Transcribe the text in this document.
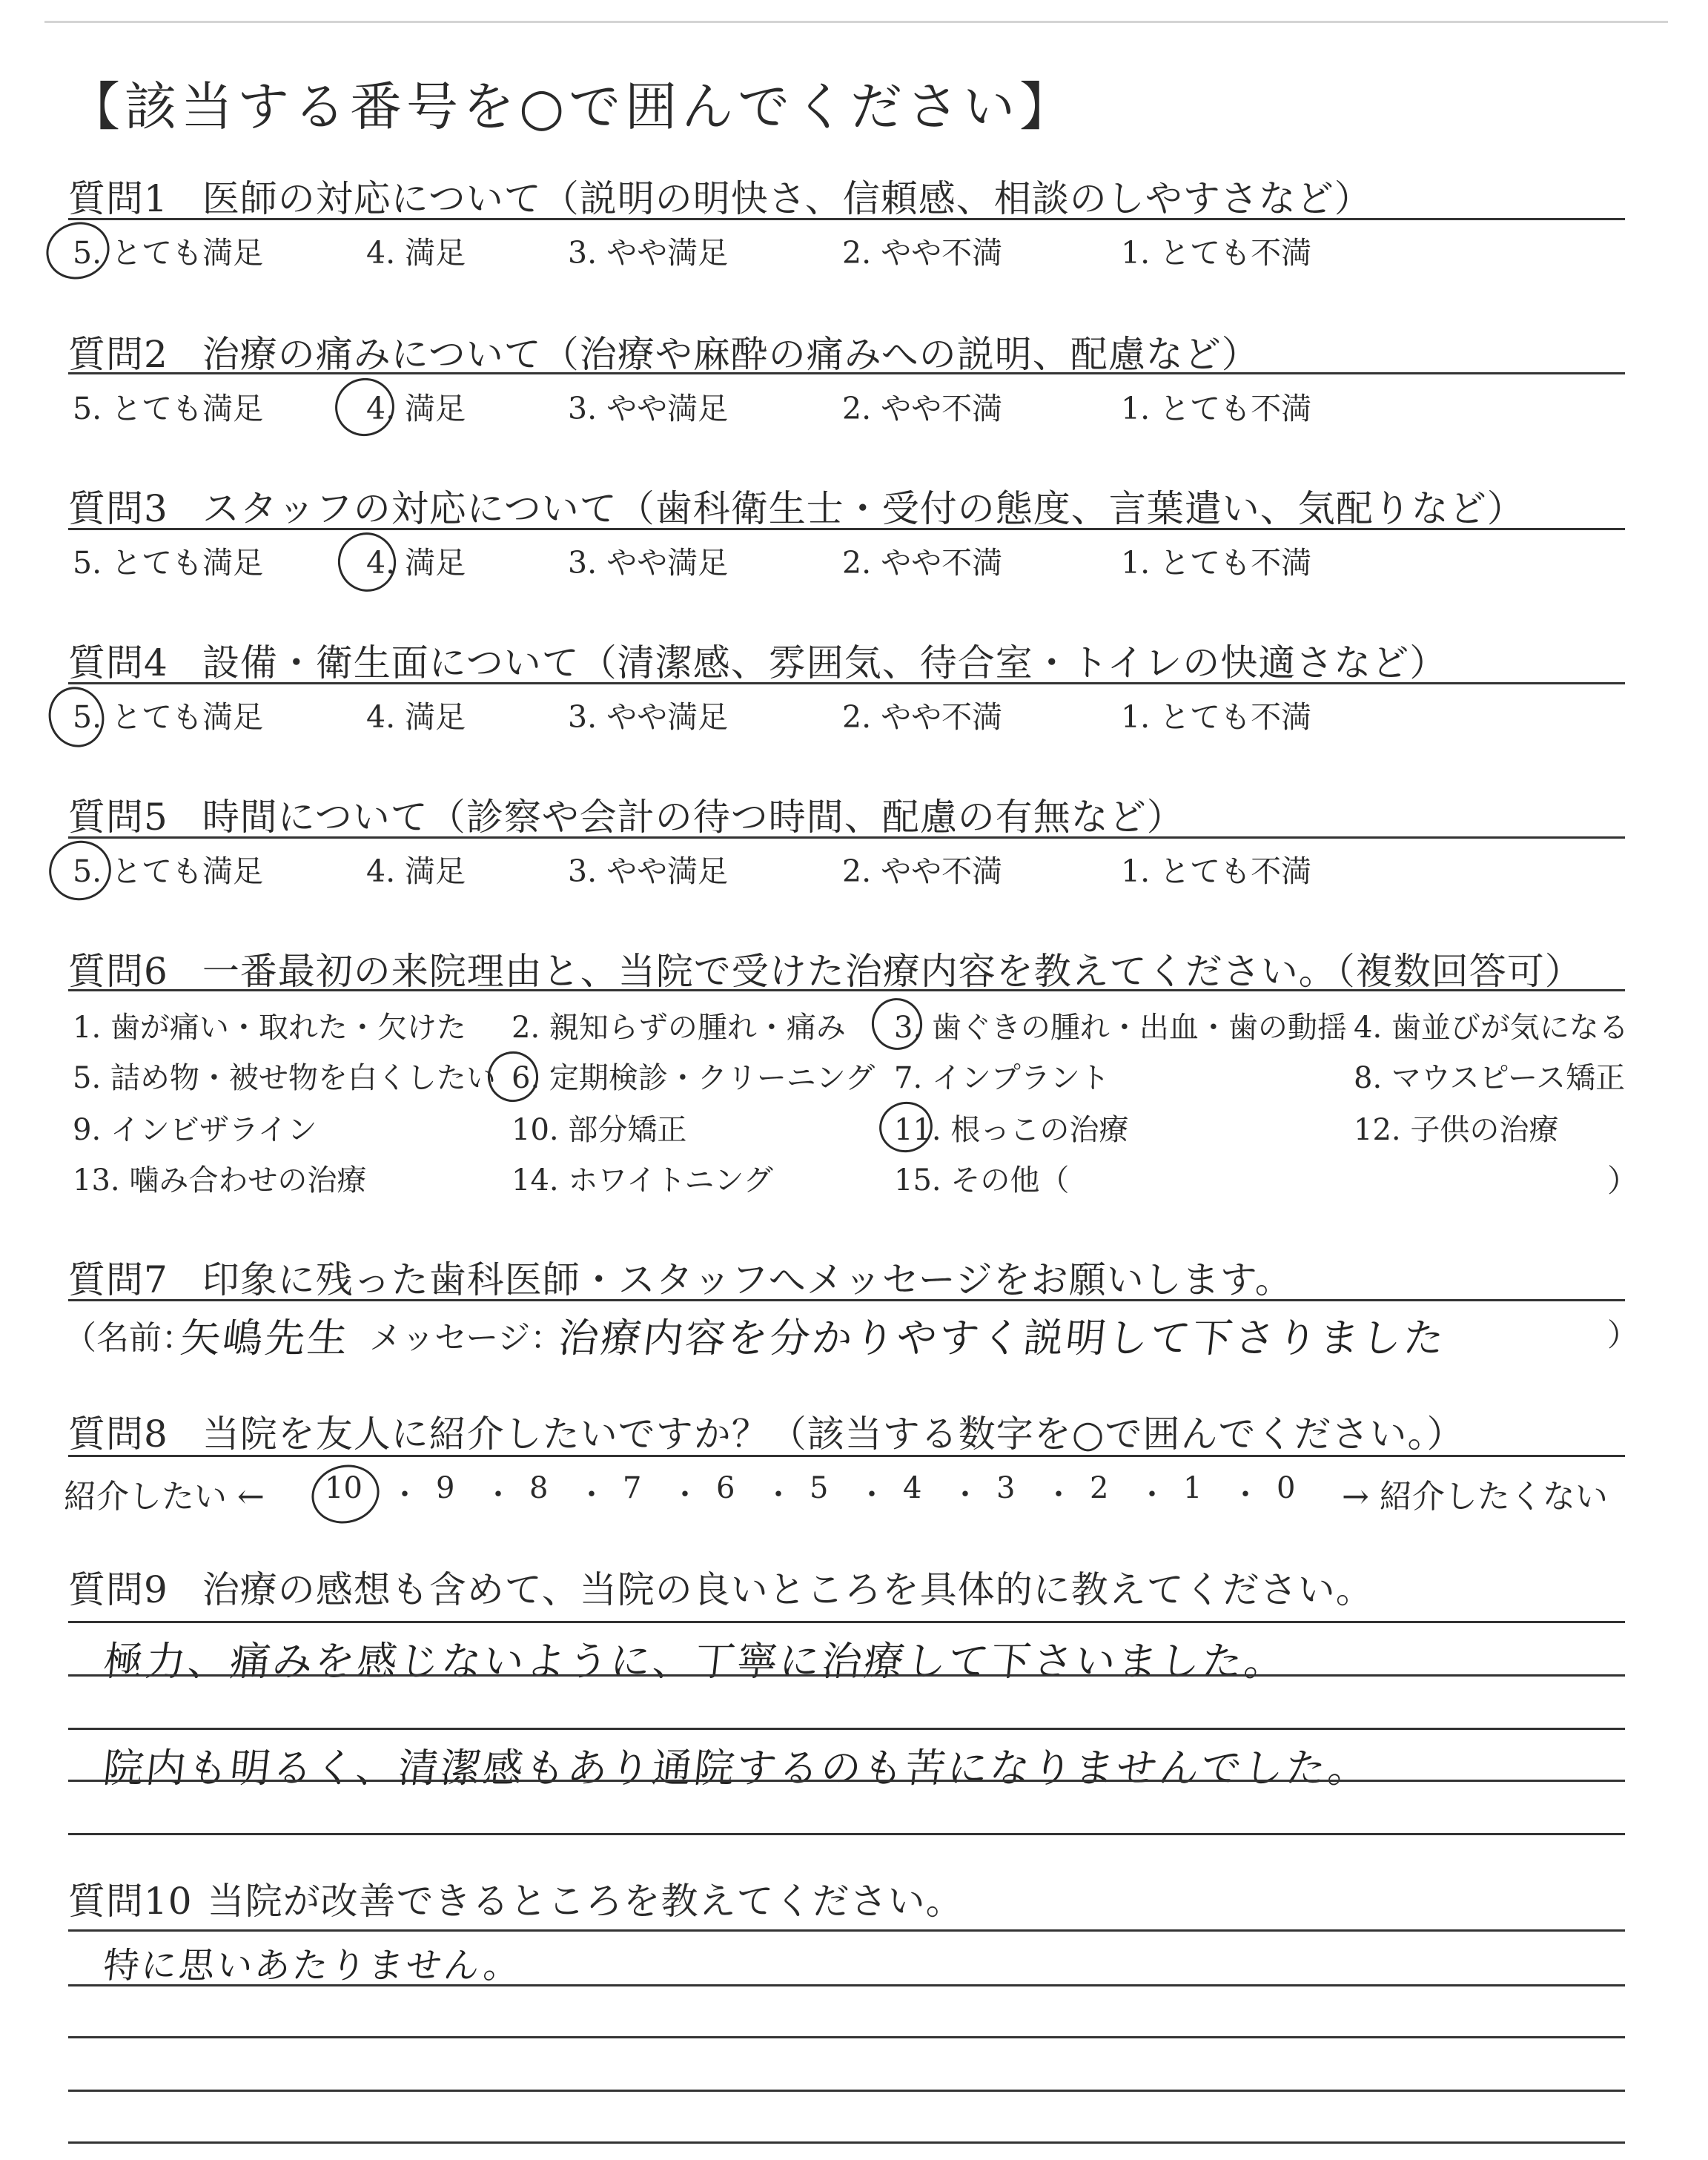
【該当する番号を○で囲んでください】
質問1 医師の対応について（説明の明快さ、信頼感、相談のしやすさなど）
5. とても満足	4. 満足	3. やや満足	2. やや不満	1. とても不満
質問2 治療の痛みについて（治療や麻酔の痛みへの説明、配慮など）
5. とても満足	4. 満足	3. やや満足	2. やや不満	1. とても不満
質問3 スタッフの対応について（歯科衛生士・受付の態度、言葉遣い、気配りなど）
5. とても満足	4. 満足	3. やや満足	2. やや不満	1. とても不満
質問4 設備・衛生面について（清潔感、雰囲気、待合室・トイレの快適さなど）
5. とても満足	4. 満足	3. やや満足	2. やや不満	1. とても不満
質問5 時間について（診察や会計の待つ時間、配慮の有無など）
5. とても満足	4. 満足	3. やや満足	2. やや不満	1. とても不満
質問6 一番最初の来院理由と、当院で受けた治療内容を教えてください。（複数回答可）
1. 歯が痛い・取れた・欠けた 2. 親知らずの腫れ・痛み 3. 歯ぐきの腫れ・出血・歯の動揺 4. 歯並びが気になる
5. 詰め物・被せ物を白くしたい 6. 定期検診・クリーニング 7. インプラント	8. マウスピース矯正
9. インビザライン	10. 部分矯正	11. 根っこの治療	12. 子供の治療
13. 噛み合わせの治療	14. ホワイトニング	15. その他（	）
質問7 印象に残った歯科医師・スタッフへメッセージをお願いします。
（名前：
矢嶋先生 メッセージ：
治療内容を分かりやすく説明して下さりました	）
質問8 当院を友人に紹介したいですか？（該当する数字を○で囲んでください。）
紹介したい ←	→ 紹介したくない
10 ・ 9 ・ 8 ・ 7 ・ 6 ・ 5 ・ 4 ・ 3 ・ 2 ・ 1 ・ 0
質問9 治療の感想も含めて、当院の良いところを具体的に教えてください。
極力、痛みを感じないように、丁寧に治療して下さいました。
院内も明るく、清潔感もあり通院するのも苦になりませんでした。
質問10 当院が改善できるところを教えてください。
特に思いあたりません。
